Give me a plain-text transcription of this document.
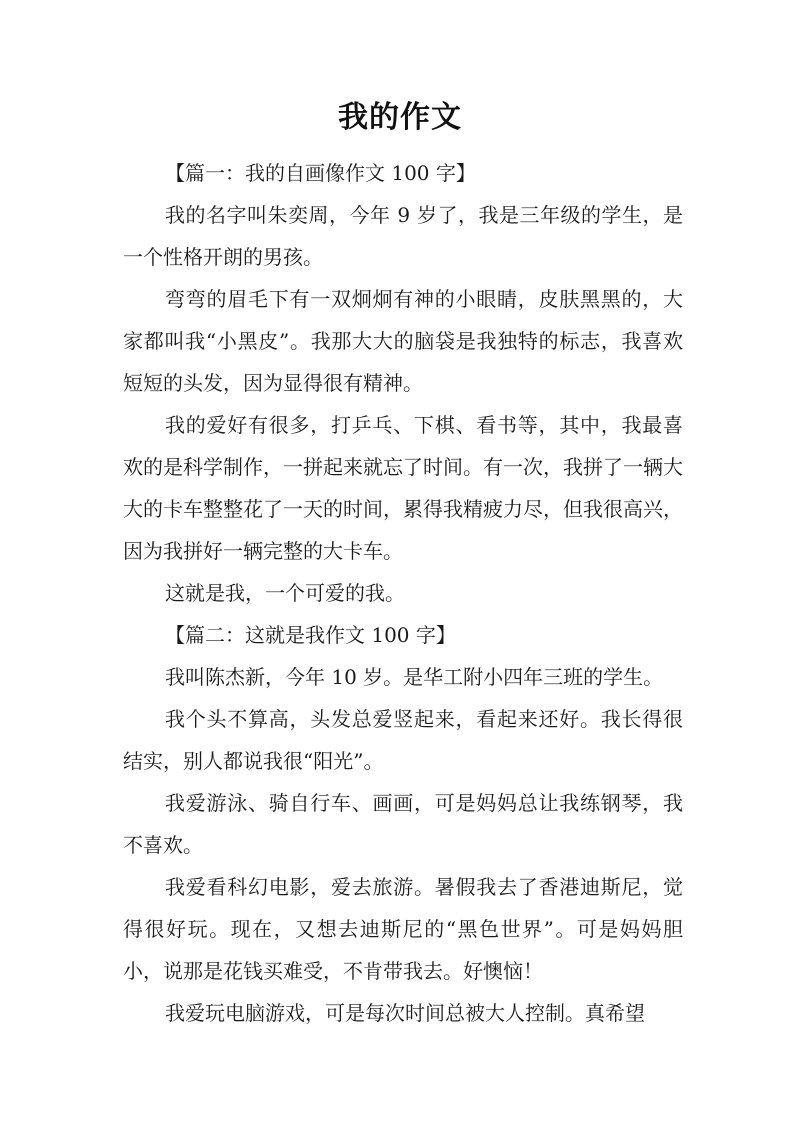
我的作文

【篇一：我的自画像作文 100 字】

我的名字叫朱奕周，今年 9 岁了，我是三年级的学生，是一个性格开朗的男孩。

弯弯的眉毛下有一双炯炯有神的小眼睛，皮肤黑黑的，大家都叫我“小黑皮”。我那大大的脑袋是我独特的标志，我喜欢短短的头发，因为显得很有精神。

我的爱好有很多，打乒乓、下棋、看书等，其中，我最喜欢的是科学制作，一拼起来就忘了时间。有一次，我拼了一辆大大的卡车整整花了一天的时间，累得我精疲力尽，但我很高兴，因为我拼好一辆完整的大卡车。

这就是我，一个可爱的我。

【篇二：这就是我作文 100 字】

我叫陈杰新，今年 10 岁。是华工附小四年三班的学生。

我个头不算高，头发总爱竖起来，看起来还好。我长得很结实，别人都说我很“阳光”。

我爱游泳、骑自行车、画画，可是妈妈总让我练钢琴，我不喜欢。

我爱看科幻电影，爱去旅游。暑假我去了香港迪斯尼，觉得很好玩。现在，又想去迪斯尼的“黑色世界”。可是妈妈胆小，说那是花钱买难受，不肯带我去。好懊恼！

我爱玩电脑游戏，可是每次时间总被大人控制。真希望
